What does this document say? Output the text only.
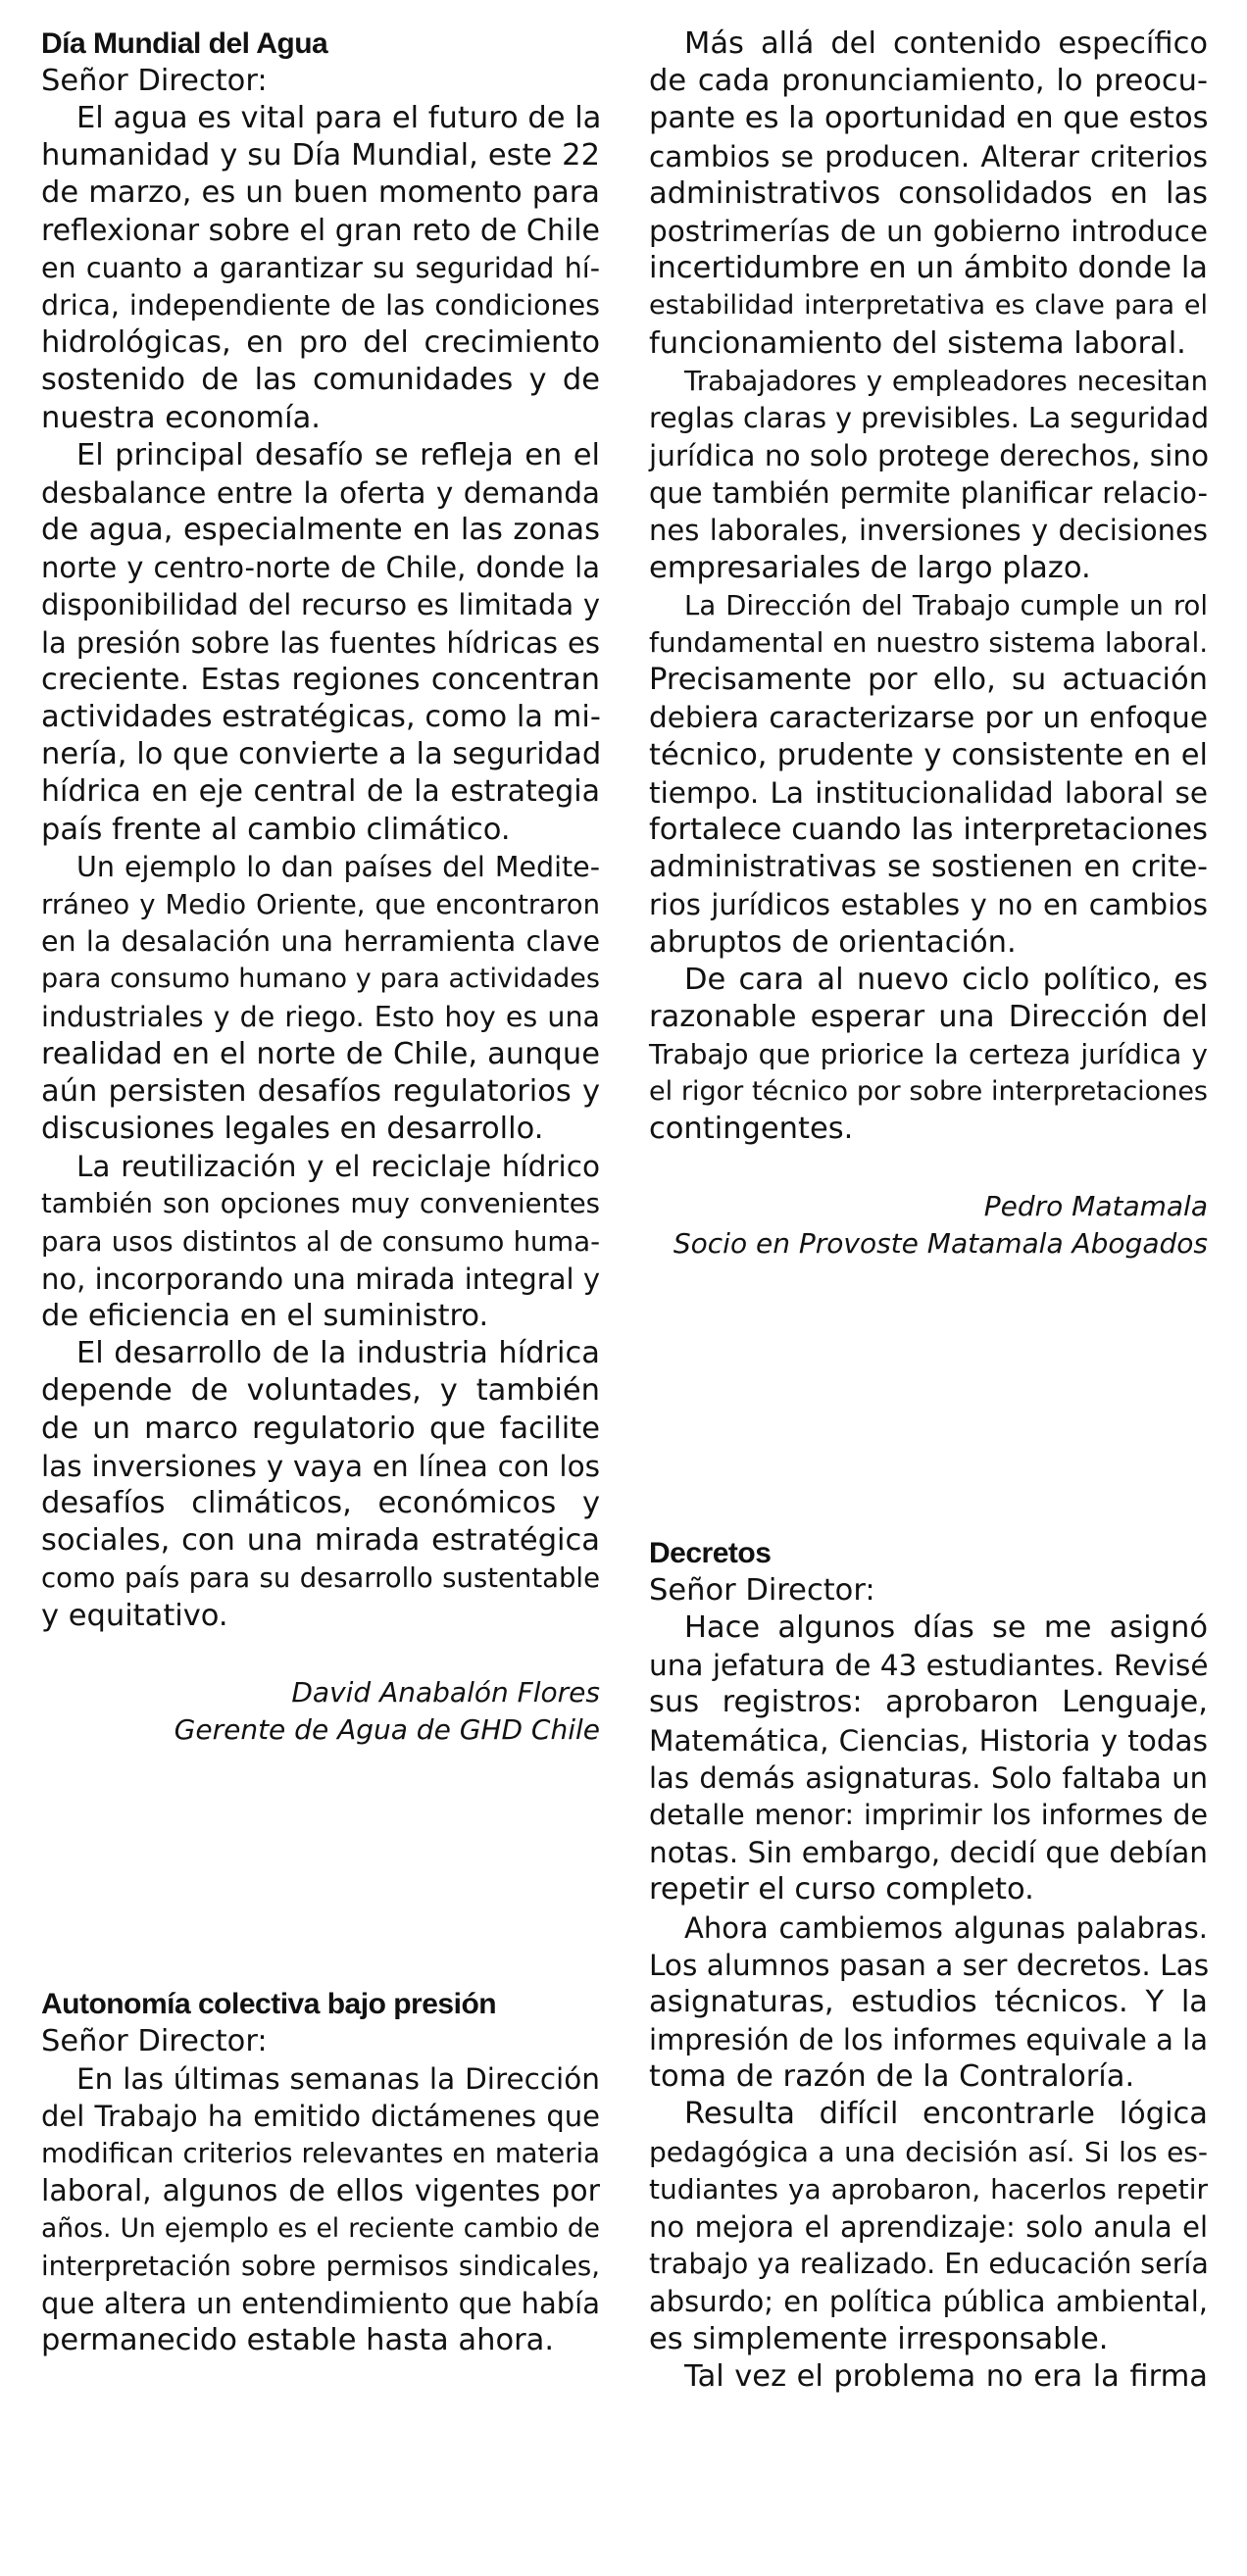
Día Mundial del Agua
Señor Director:
El agua es vital para el futuro de la
humanidad y su Día Mundial, este 22
de marzo, es un buen momento para
reflexionar sobre el gran reto de Chile
en cuanto a garantizar su seguridad hí-
drica, independiente de las condiciones
hidrológicas, en pro del crecimiento
sostenido de las comunidades y de
nuestra economía.
El principal desafío se refleja en el
desbalance entre la oferta y demanda
de agua, especialmente en las zonas
norte y centro-norte de Chile, donde la
disponibilidad del recurso es limitada y
la presión sobre las fuentes hídricas es
creciente. Estas regiones concentran
actividades estratégicas, como la mi-
nería, lo que convierte a la seguridad
hídrica en eje central de la estrategia
país frente al cambio climático.
Un ejemplo lo dan países del Medite-
rráneo y Medio Oriente, que encontraron
en la desalación una herramienta clave
para consumo humano y para actividades
industriales y de riego. Esto hoy es una
realidad en el norte de Chile, aunque
aún persisten desafíos regulatorios y
discusiones legales en desarrollo.
La reutilización y el reciclaje hídrico
también son opciones muy convenientes
para usos distintos al de consumo huma-
no, incorporando una mirada integral y
de eficiencia en el suministro.
El desarrollo de la industria hídrica
depende de voluntades, y también
de un marco regulatorio que facilite
las inversiones y vaya en línea con los
desafíos climáticos, económicos y
sociales, con una mirada estratégica
como país para su desarrollo sustentable
y equitativo.
David Anabalón Flores
Gerente de Agua de GHD Chile
Autonomía colectiva bajo presión
Señor Director:
En las últimas semanas la Dirección
del Trabajo ha emitido dictámenes que
modifican criterios relevantes en materia
laboral, algunos de ellos vigentes por
años. Un ejemplo es el reciente cambio de
interpretación sobre permisos sindicales,
que altera un entendimiento que había
permanecido estable hasta ahora.
Más allá del contenido específico
de cada pronunciamiento, lo preocu-
pante es la oportunidad en que estos
cambios se producen. Alterar criterios
administrativos consolidados en las
postrimerías de un gobierno introduce
incertidumbre en un ámbito donde la
estabilidad interpretativa es clave para el
funcionamiento del sistema laboral.
Trabajadores y empleadores necesitan
reglas claras y previsibles. La seguridad
jurídica no solo protege derechos, sino
que también permite planificar relacio-
nes laborales, inversiones y decisiones
empresariales de largo plazo.
La Dirección del Trabajo cumple un rol
fundamental en nuestro sistema laboral.
Precisamente por ello, su actuación
debiera caracterizarse por un enfoque
técnico, prudente y consistente en el
tiempo. La institucionalidad laboral se
fortalece cuando las interpretaciones
administrativas se sostienen en crite-
rios jurídicos estables y no en cambios
abruptos de orientación.
De cara al nuevo ciclo político, es
razonable esperar una Dirección del
Trabajo que priorice la certeza jurídica y
el rigor técnico por sobre interpretaciones
contingentes.
Pedro Matamala
Socio en Provoste Matamala Abogados
Decretos
Señor Director:
Hace algunos días se me asignó
una jefatura de 43 estudiantes. Revisé
sus registros: aprobaron Lenguaje,
Matemática, Ciencias, Historia y todas
las demás asignaturas. Solo faltaba un
detalle menor: imprimir los informes de
notas. Sin embargo, decidí que debían
repetir el curso completo.
Ahora cambiemos algunas palabras.
Los alumnos pasan a ser decretos. Las
asignaturas, estudios técnicos. Y la
impresión de los informes equivale a la
toma de razón de la Contraloría.
Resulta difícil encontrarle lógica
pedagógica a una decisión así. Si los es-
tudiantes ya aprobaron, hacerlos repetir
no mejora el aprendizaje: solo anula el
trabajo ya realizado. En educación sería
absurdo; en política pública ambiental,
es simplemente irresponsable.
Tal vez el problema no era la firma
